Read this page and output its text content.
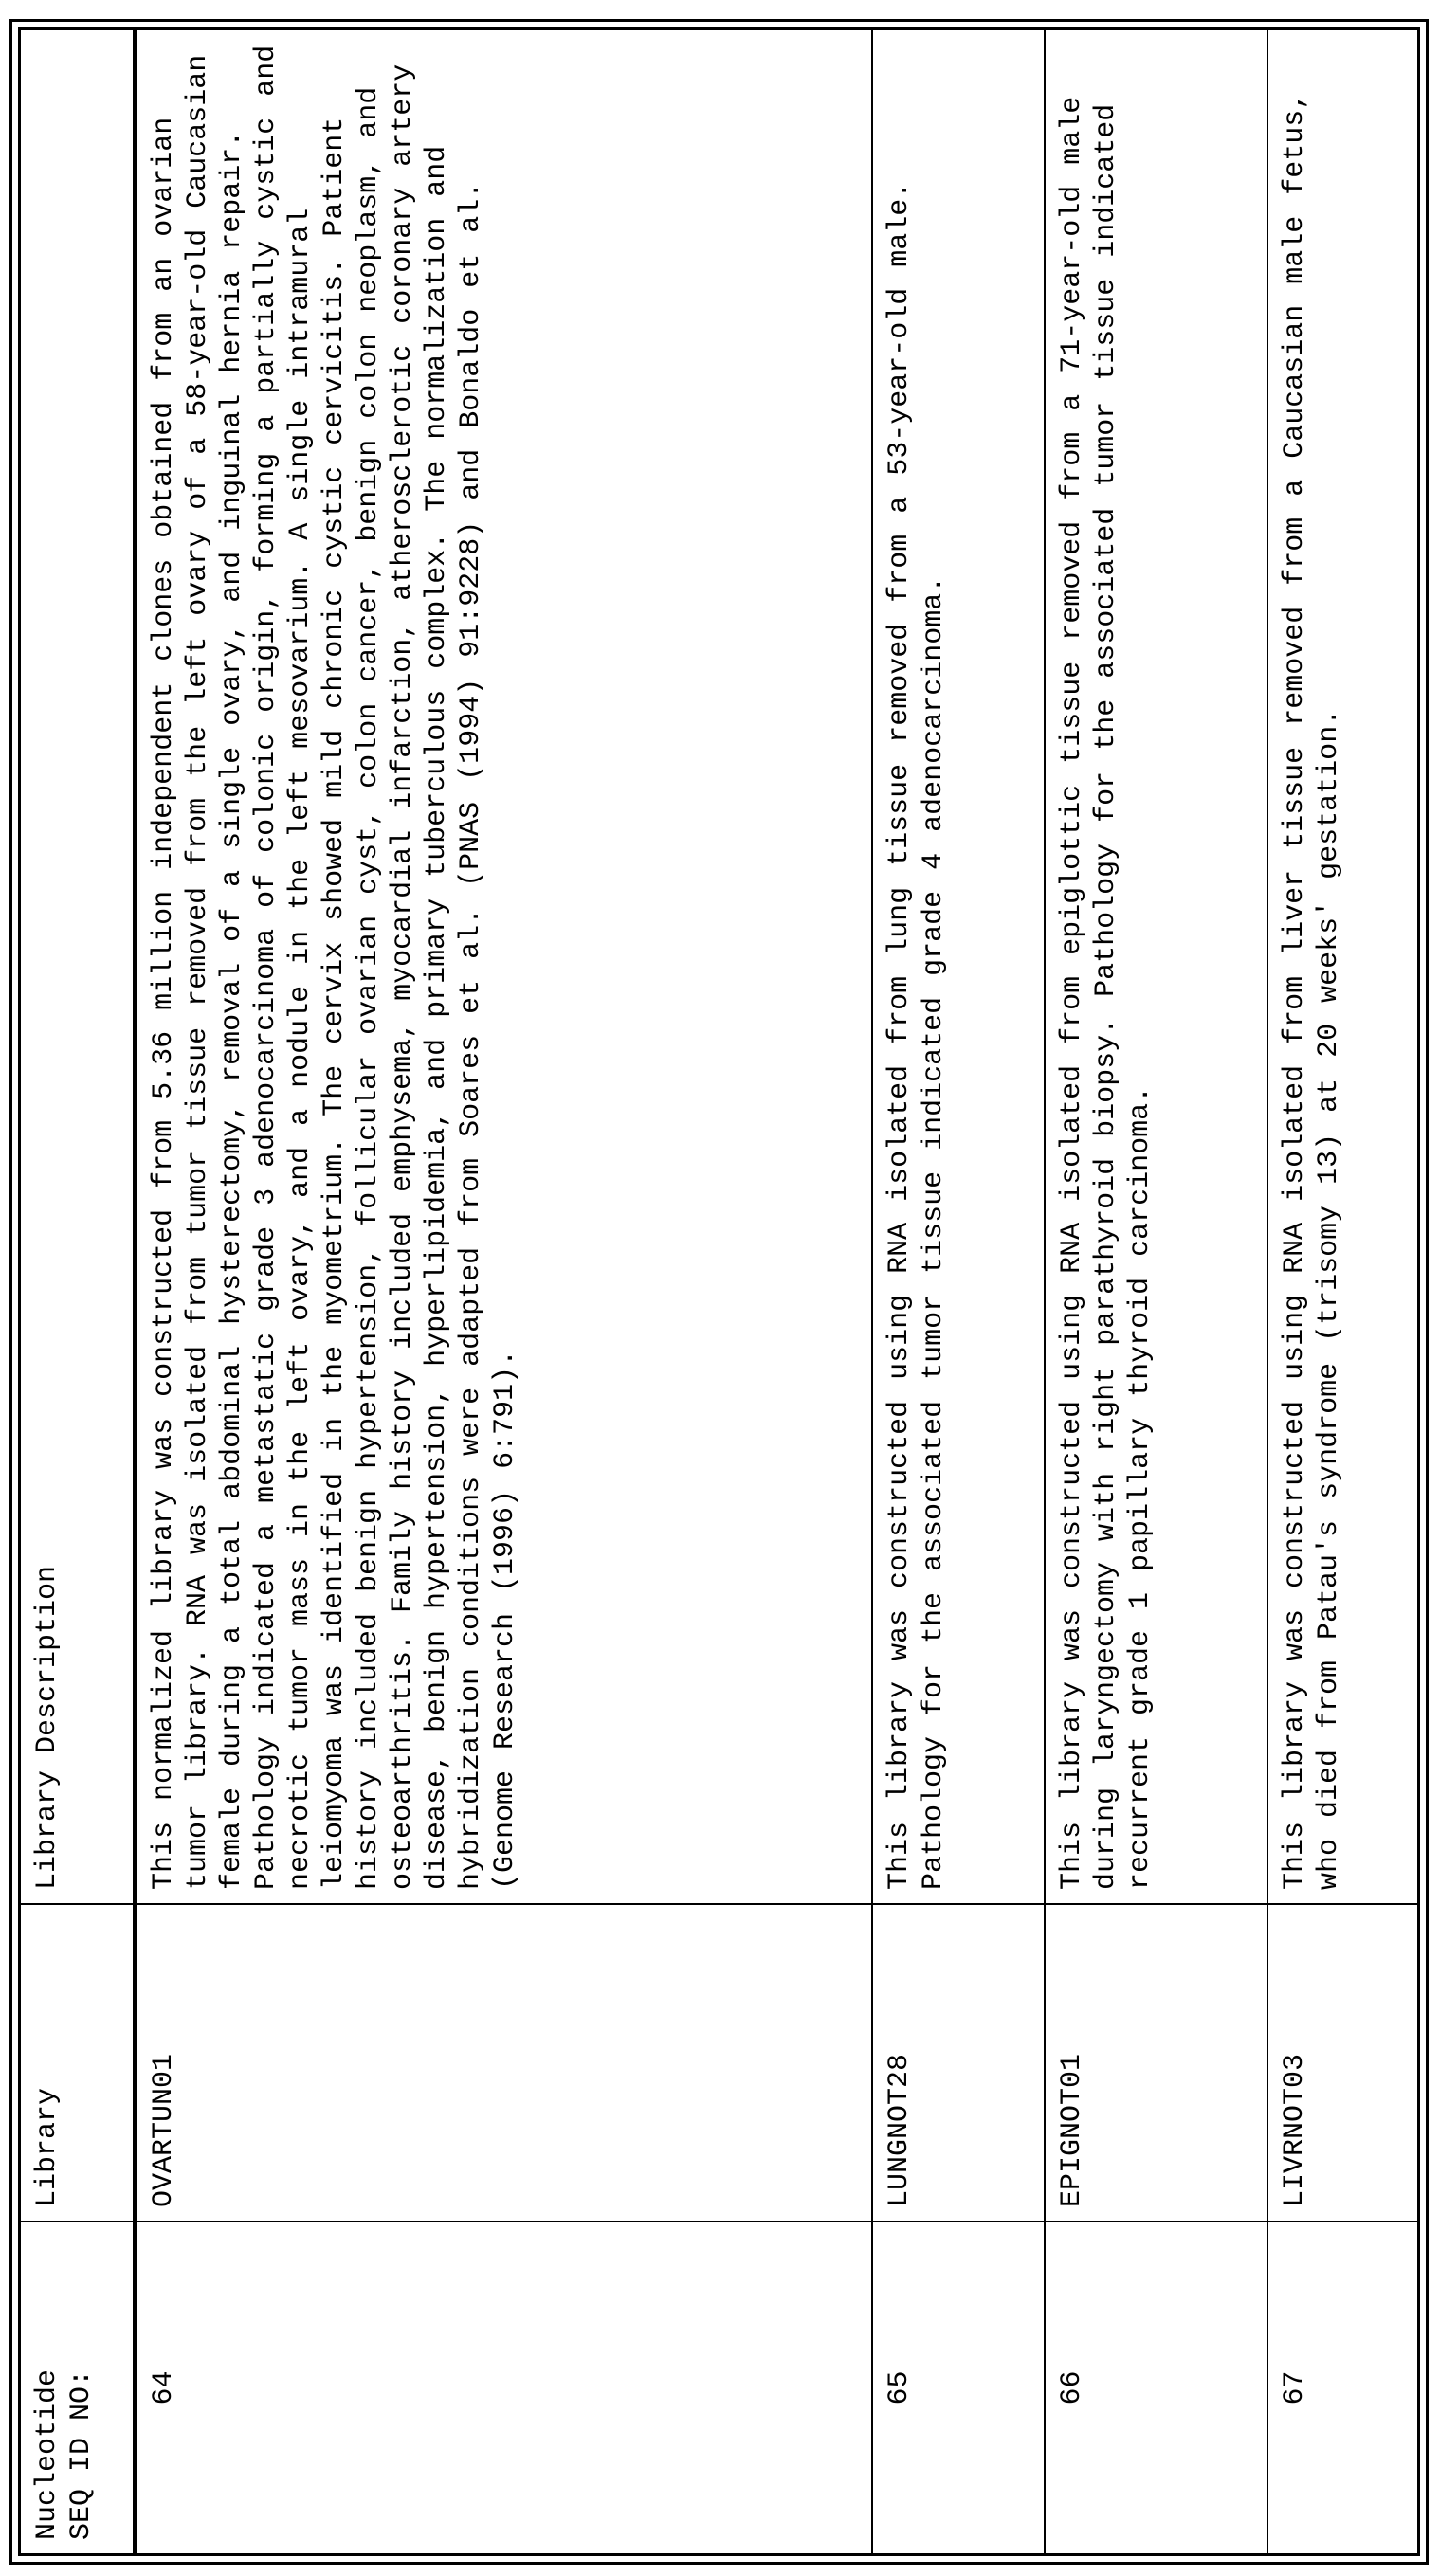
Nucleotide
SEQ ID NO:	Library	Library Description
64	OVARTUN01	This normalized library was constructed from 5.36 million independent clones obtained from an ovarian tumor library. RNA was isolated from tumor tissue removed from the left ovary of a 58-year-old Caucasian female during a total abdominal hysterectomy, removal of a single ovary, and inguinal hernia repair. Pathology indicated a metastatic grade 3 adenocarcinoma of colonic origin, forming a partially cystic and necrotic tumor mass in the left ovary, and a nodule in the left mesovarium. A single intramural leiomyoma was identified in the myometrium. The cervix showed mild chronic cystic cervicitis. Patient history included benign hypertension, follicular ovarian cyst, colon cancer, benign colon neoplasm, and osteoarthritis. Family history included emphysema, myocardial infarction, atherosclerotic coronary artery disease, benign hypertension, hyperlipidemia, and primary tuberculous complex. The normalization and hybridization conditions were adapted from Soares et al. (PNAS (1994) 91:9228) and Bonaldo et al. (Genome Research (1996) 6:791).
65	LUNGNOT28	This library was constructed using RNA isolated from lung tissue removed from a 53-year-old male. Pathology for the associated tumor tissue indicated grade 4 adenocarcinoma.
66	EPIGNOT01	This library was constructed using RNA isolated from epiglottic tissue removed from a 71-year-old male during laryngectomy with right parathyroid biopsy. Pathology for the associated tumor tissue indicated recurrent grade 1 papillary thyroid carcinoma.
67	LIVRNOT03	This library was constructed using RNA isolated from liver tissue removed from a Caucasian male fetus, who died from Patau's syndrome (trisomy 13) at 20 weeks' gestation.
